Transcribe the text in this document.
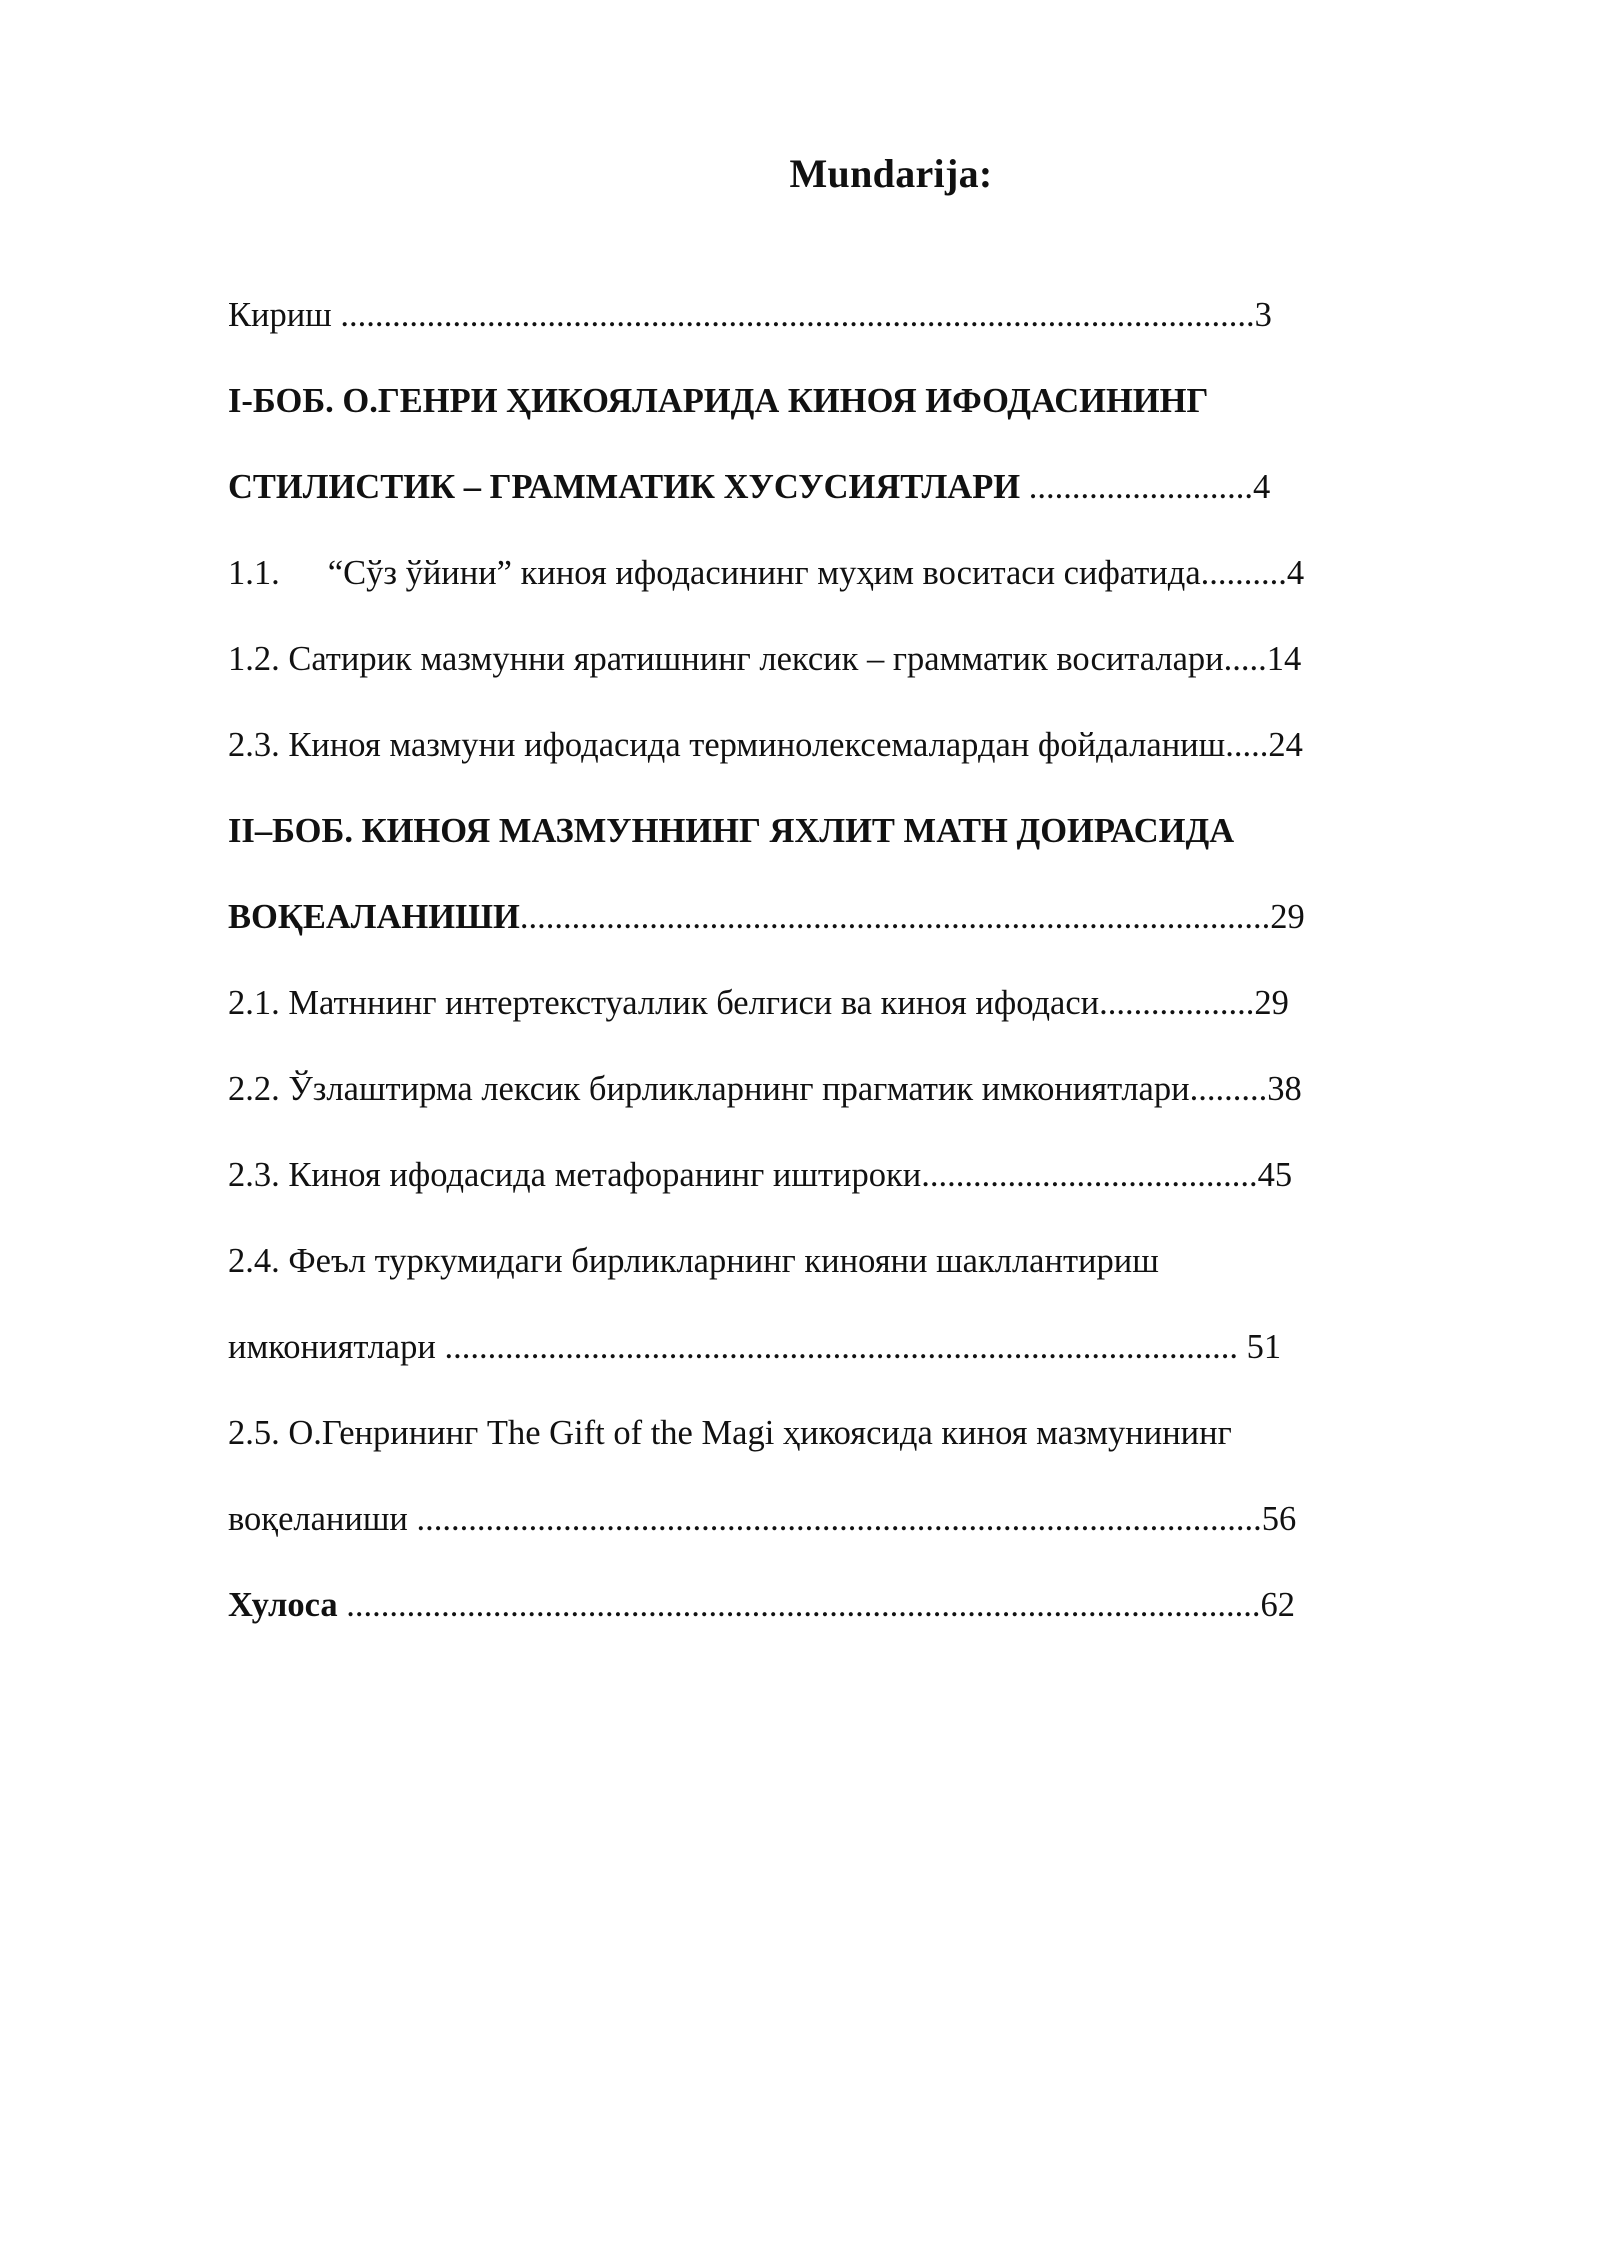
Mundarija:
Кириш ..........................................................................................................3
I-БОБ. О.ГЕНРИ ҲИКОЯЛАРИДА КИНОЯ ИФОДАСИНИНГ
СТИЛИСТИК – ГРАММАТИК ХУСУСИЯТЛАРИ ..........................4
1.1. “Сўз ўйини” киноя ифодасининг муҳим воситаси сифатида..........4
1.2. Сатирик мазмунни яратишнинг лексик – грамматик воситалари.....14
2.3. Киноя мазмуни ифодасида терминолексемалардан фойдаланиш.....24
II–БОБ. КИНОЯ МАЗМУННИНГ ЯХЛИТ МАТН ДОИРАСИДА
ВОҚЕАЛАНИШИ.......................................................................................29
2.1. Матннинг интертекстуаллик белгиси ва киноя ифодаси..................29
2.2. Ўзлаштирма лексик бирликларнинг прагматик имкониятлари.........38
2.3. Киноя ифодасида метафоранинг иштироки.......................................45
2.4. Феъл туркумидаги бирликларнинг кинояни шакллантириш
имкониятлари ............................................................................................ 51
2.5. О.Генрининг The Gift of the Magi ҳикоясида киноя мазмунининг
воқеланиши ..................................................................................................56
Хулоса ..........................................................................................................62
